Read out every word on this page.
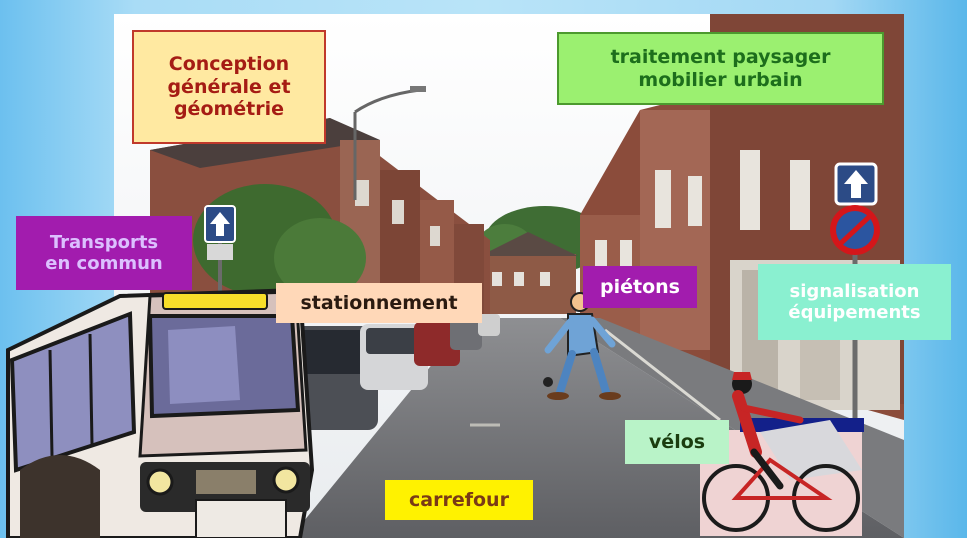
Conception
générale et
géométrie
traitement paysager
mobilier urbain
Transports
en commun
stationnement
piétons	signalisation
équipements
vélos
carrefour
